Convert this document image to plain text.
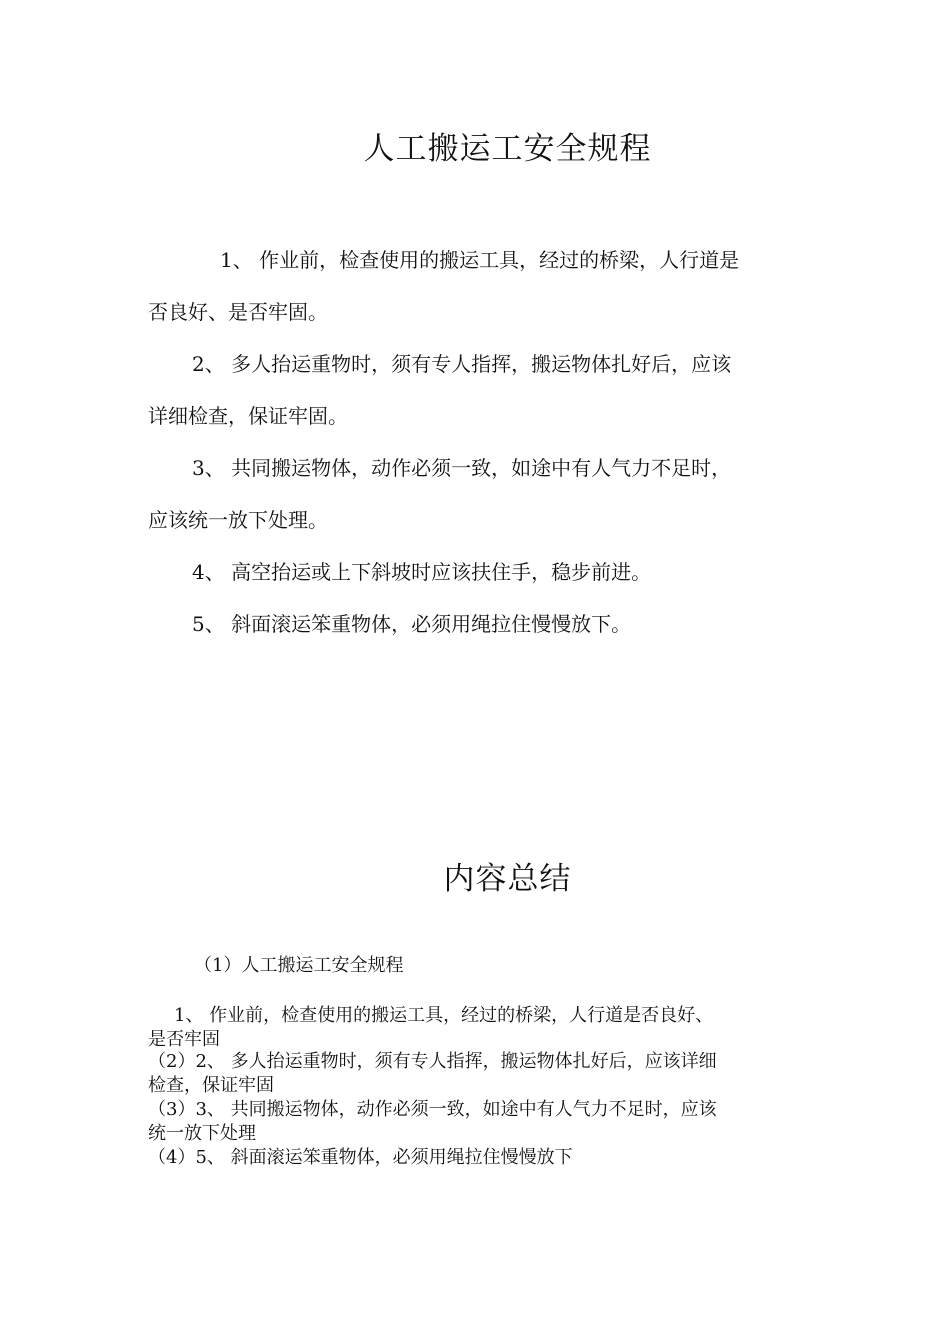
人工搬运工安全规程
1、 作业前，检查使用的搬运工具，经过的桥梁，人行道是
否良好、是否牢固。
2、 多人抬运重物时，须有专人指挥，搬运物体扎好后，应该
详细检查，保证牢固。
3、 共同搬运物体，动作必须一致，如途中有人气力不足时，
应该统一放下处理。
4、 高空抬运或上下斜坡时应该扶住手，稳步前进。
5、 斜面滚运笨重物体，必须用绳拉住慢慢放下。
内容总结
（1）人工搬运工安全规程
1、 作业前，检查使用的搬运工具，经过的桥梁，人行道是否良好、
是否牢固
（2）2、 多人抬运重物时，须有专人指挥，搬运物体扎好后，应该详细
检查，保证牢固
（3）3、 共同搬运物体，动作必须一致，如途中有人气力不足时，应该
统一放下处理
（4）5、 斜面滚运笨重物体，必须用绳拉住慢慢放下
